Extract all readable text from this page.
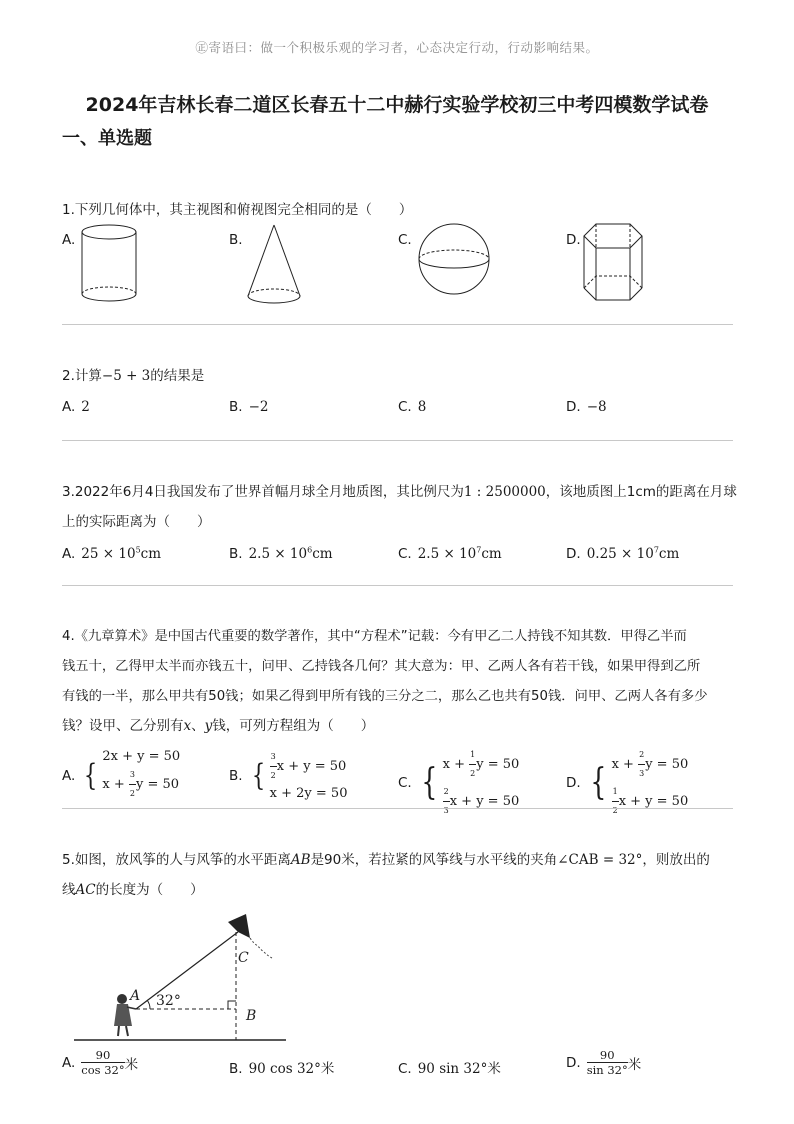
㊣寄语曰：做一个积极乐观的学习者，心态决定行动，行动影响结果。
2024年吉林长春二道区长春五十二中赫行实验学校初三中考四模数学试卷
一、单选题
1.下列几何体中，其主视图和俯视图完全相同的是（　　）
A.	B.	C.	D.
2.计算−5 + 3的结果是
A. 2	B. −2	C. 8	D. −8
3.2022年6月4日我国发布了世界首幅月球全月地质图，其比例尺为1 : 2500000，该地质图上1cm的距离在月球
上的实际距离为（　　）
A. $25 \times 10^5cm$	B. $2.5 \times 10^6cm$	C. $2.5 \times 10^7cm$	D. $0.25 \times 10^7cm$
4.《九章算术》是中国古代重要的数学著作，其中“方程术”记载：今有甲乙二人持钱不知其数．甲得乙半而
钱五十，乙得甲太半而亦钱五十，问甲、乙持钱各几何？其大意为：甲、乙两人各有若干钱，如果甲得到乙所
有钱的一半，那么甲共有50钱；如果乙得到甲所有钱的三分之二，那么乙也共有50钱．问甲、乙两人各有多少
钱？设甲、乙分别有x、y钱，可列方程组为（　　）
A. {
2x + y = 50
$x + \frac{3}{2}$ y = 50
B. { $\frac{3}{2}$ x + y = 50
x + 2y = 50
C. { $x + \frac{1}{2}$ y = 50
$\frac{2}{3}$ x + y = 50
D. { $x + \frac{2}{3}$ y = 50
$\frac{1}{2}$ x + y = 50
5.如图，放风筝的人与风筝的水平距离AB是90米，若拉紧的风筝线与水平线的夹角∠CAB = 32°，则放出的
线AC的长度为（　　）
A
B
C
32°
A. $\frac{90}{\cos 32^\circ}$ 米	B. 90 cos 32°米	C. 90 sin 32°米	D. $\frac{90}{\sin 32^\circ}$ 米
